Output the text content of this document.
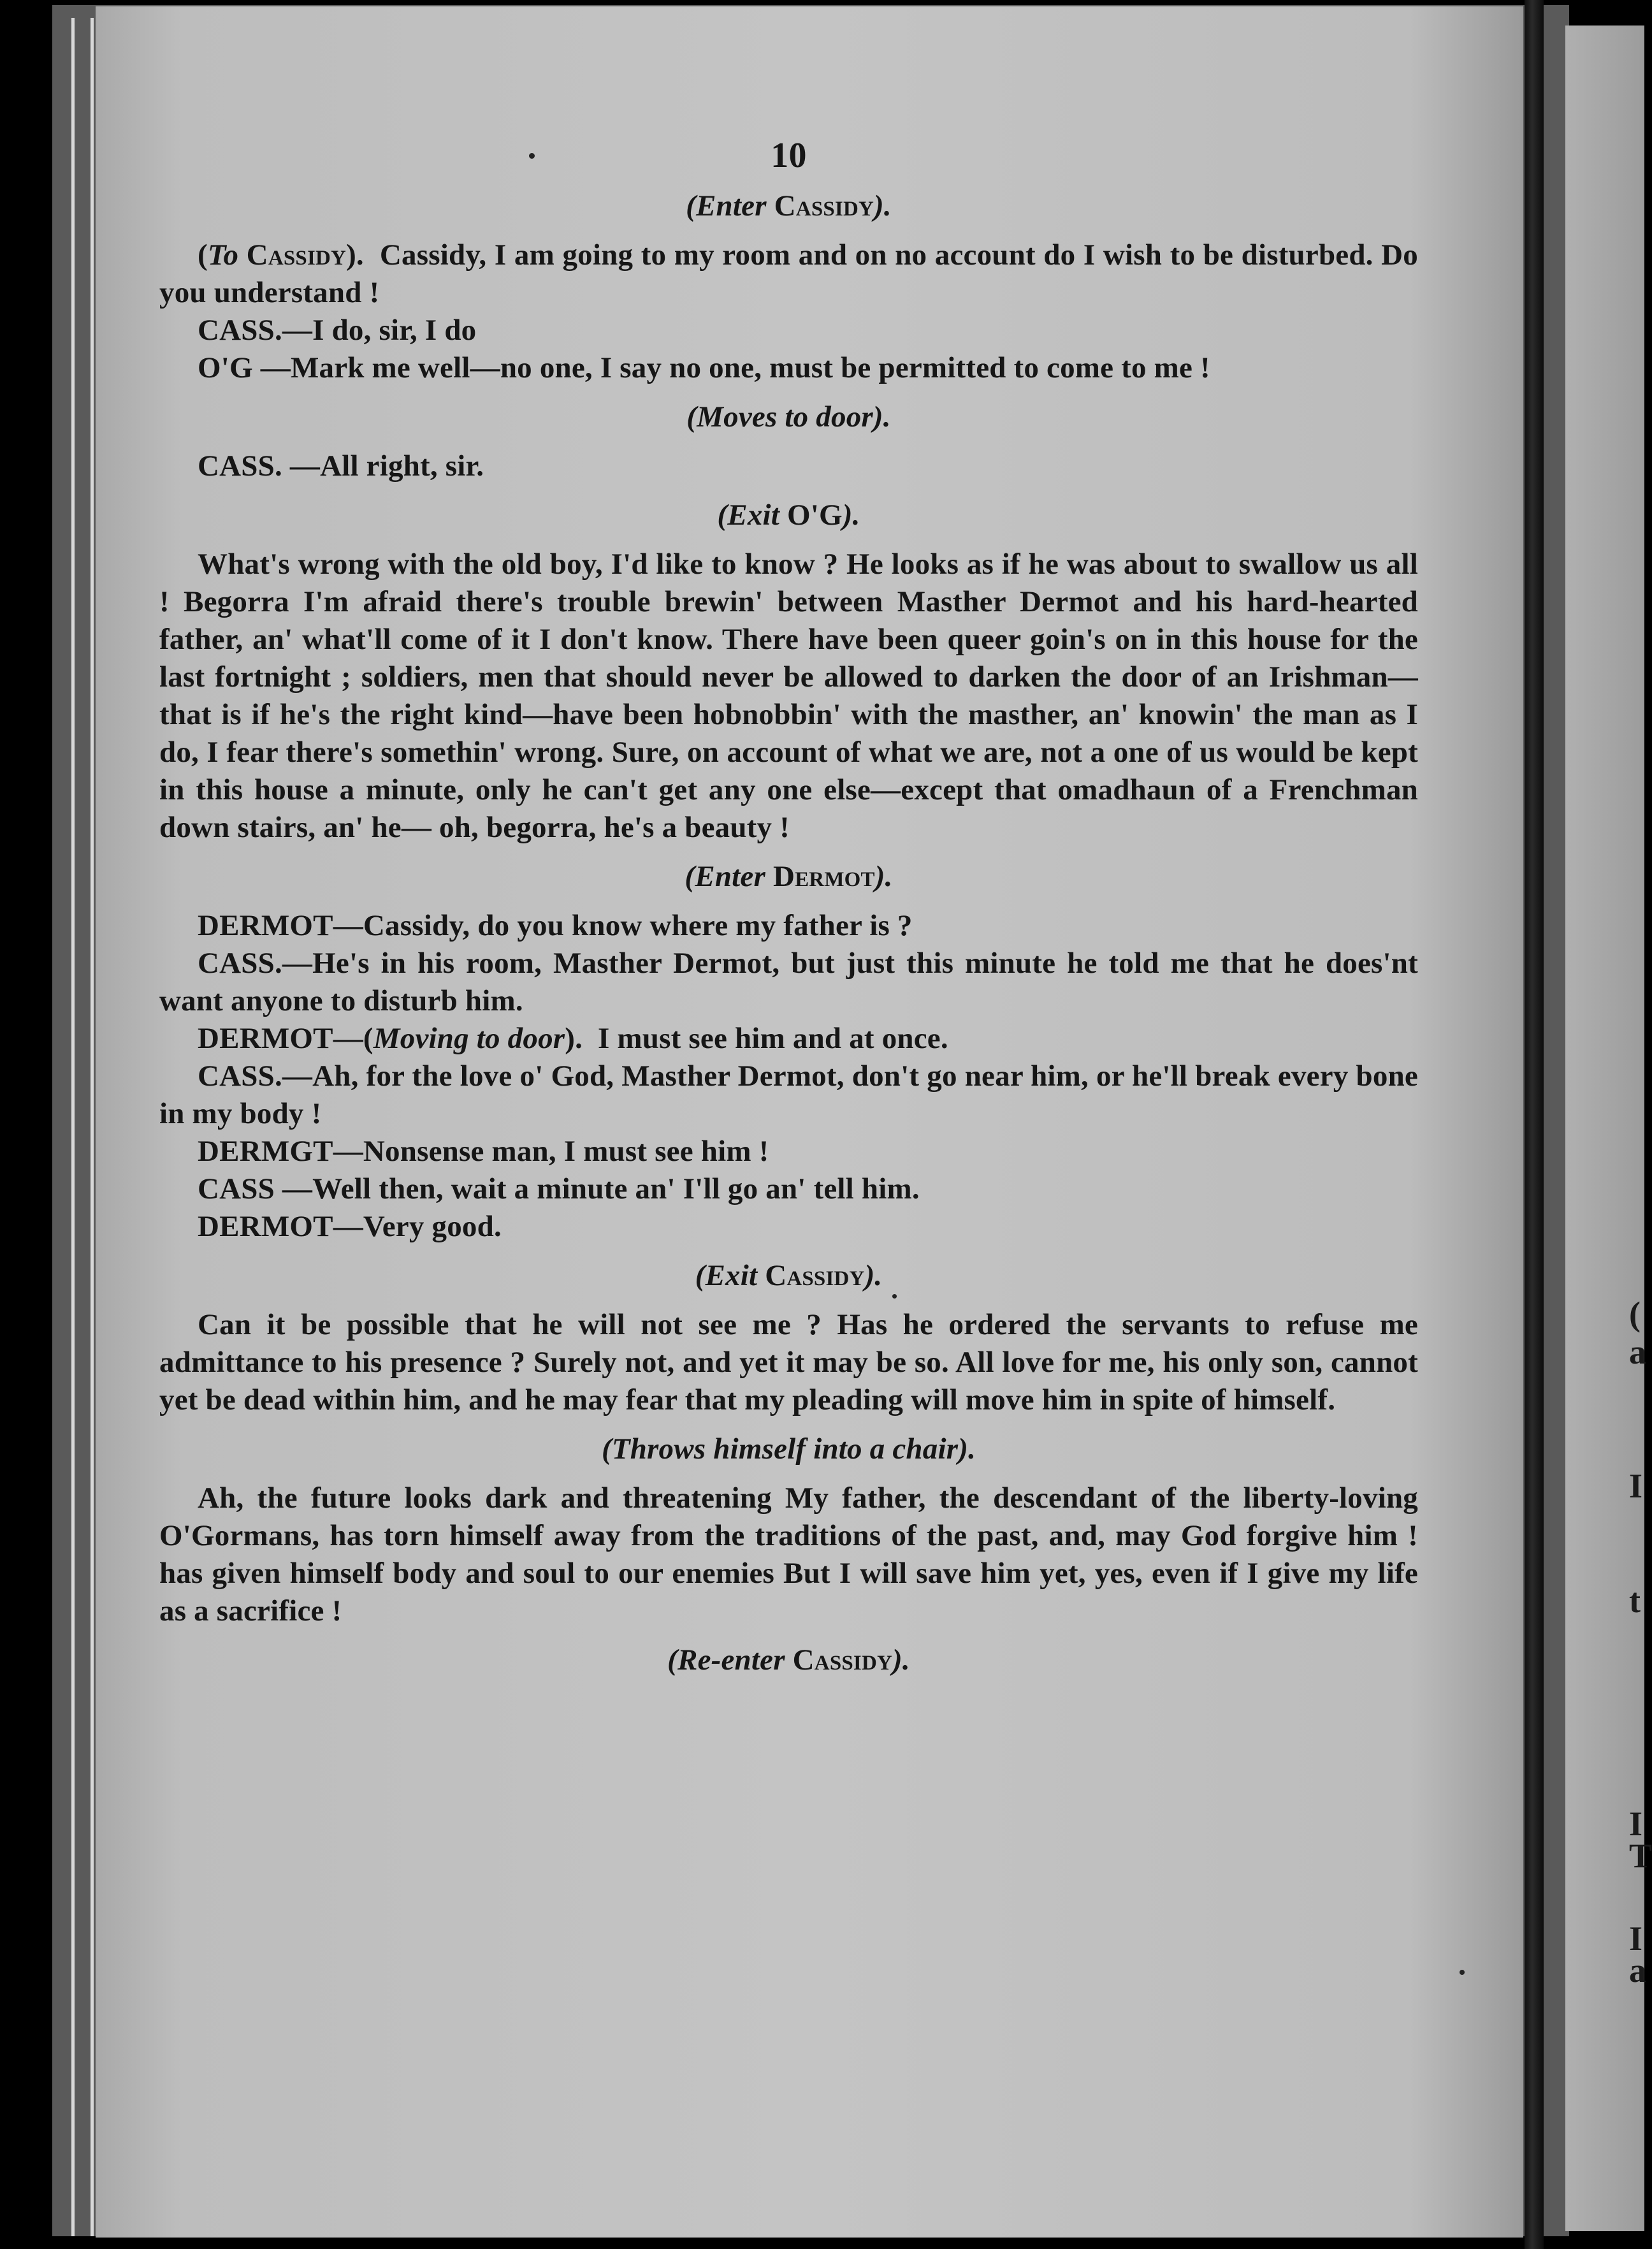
(
a
I
t
I
T
I
a
10
(Enter Cassidy).

(To Cassidy). Cassidy, I am going to my room and on no account do I wish to be disturbed. Do you understand !

CASS.—I do, sir, I do

O'G —Mark me well—no one, I say no one, must be permitted to come to me !

(Moves to door).

CASS. —All right, sir.

(Exit O'G).

What's wrong with the old boy, I'd like to know ? He looks as if he was about to swallow us all ! Begorra I'm afraid there's trouble brewin' between Masther Dermot and his hard-hearted father, an' what'll come of it I don't know. There have been queer goin's on in this house for the last fortnight ; soldiers, men that should never be allowed to darken the door of an Irishman—that is if he's the right kind—have been hobnobbin' with the masther, an' knowin' the man as I do, I fear there's somethin' wrong. Sure, on account of what we are, not a one of us would be kept in this house a minute, only he can't get any one else—except that omadhaun of a Frenchman down stairs, an' he— oh, begorra, he's a beauty !

(Enter Dermot).

DERMOT—Cassidy, do you know where my father is ?

CASS.—He's in his room, Masther Dermot, but just this minute he told me that he does'nt want anyone to disturb him.

DERMOT—(Moving to door). I must see him and at once.

CASS.—Ah, for the love o' God, Masther Dermot, don't go near him, or he'll break every bone in my body !

DERMGT—Nonsense man, I must see him !

CASS —Well then, wait a minute an' I'll go an' tell him.

DERMOT—Very good.

(Exit Cassidy).

Can it be possible that he will not see me ? Has he ordered the servants to refuse me admittance to his presence ? Surely not, and yet it may be so. All love for me, his only son, cannot yet be dead within him, and he may fear that my pleading will move him in spite of himself.

(Throws himself into a chair).

Ah, the future looks dark and threatening My father, the descendant of the liberty-loving O'Gormans, has torn himself away from the traditions of the past, and, may God forgive him ! has given himself body and soul to our enemies But I will save him yet, yes, even if I give my life as a sacrifice !

(Re-enter Cassidy).
